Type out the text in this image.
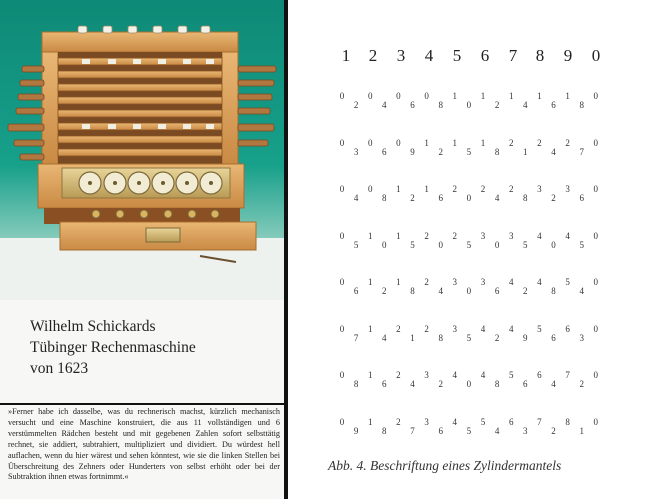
Wilhelm Schickards
Tübinger Rechenmaschine
von 1623
»Ferner habe ich dasselbe, was du rechnerisch machst, kürzlich mechanisch versucht und eine Maschine konstruiert, die aus 11 vollständigen und 6 verstümmelten Rädchen besteht und mit gegebenen Zahlen sofort selbsttätig rechnet, sie addiert, subtrahiert, multipliziert und dividiert. Du würdest hell auflachen, wenn du hier wärest und sehen könntest, wie sie die linken Stellen bei Überschreitung des Zehners oder Hunderters von selbst erhöht oder bei der Subtraktion ihnen etwas fortnimmt.«
1 2 3 4 5 6 7 8 9 0
0
2
0
4
0
6
0
8
1
0
1
2
1
4
1
6
1
8
0
0
3
0
6
0
9
1
2
1
5
1
8
2
1
2
4
2
7
0
0
4
0
8
1
2
1
6
2
0
2
4
2
8
3
2
3
6
0
0
5
1
0
1
5
2
0
2
5
3
0
3
5
4
0
4
5
0
0
6
1
2
1
8
2
4
3
0
3
6
4
2
4
8
5
4
0
0
7
1
4
2
1
2
8
3
5
4
2
4
9
5
6
6
3
0
0
8
1
6
2
4
3
2
4
0
4
8
5
6
6
4
7
2
0
0
9
1
8
2
7
3
6
4
5
5
4
6
3
7
2
8
1
0
Abb. 4. Beschriftung eines Zylindermantels
